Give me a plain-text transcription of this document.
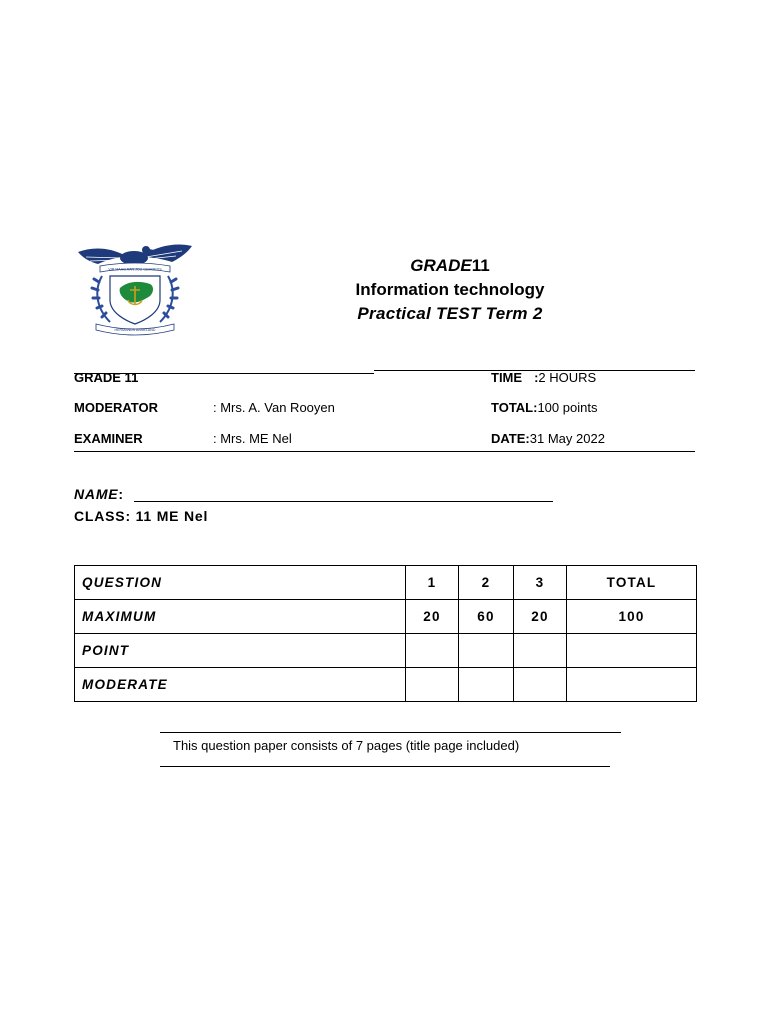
VIR MAAG AAN JOU GEMOEDS
HERMANUS ANNELAND
GRADE11
Information technology
Practical TEST Term 2
GRADE 11
MODERATOR	: Mrs. A. Van Rooyen
EXAMINER	: Mrs. ME Nel
TIME :2 HOURS
TOTAL:100 points
DATE:31 May 2022
NAME:
CLASS: 11 ME Nel
QUESTION	1	2	3	TOTAL
MAXIMUM	20	60	20	100
POINT				
MODERATE				
This question paper consists of 7 pages (title page included)
